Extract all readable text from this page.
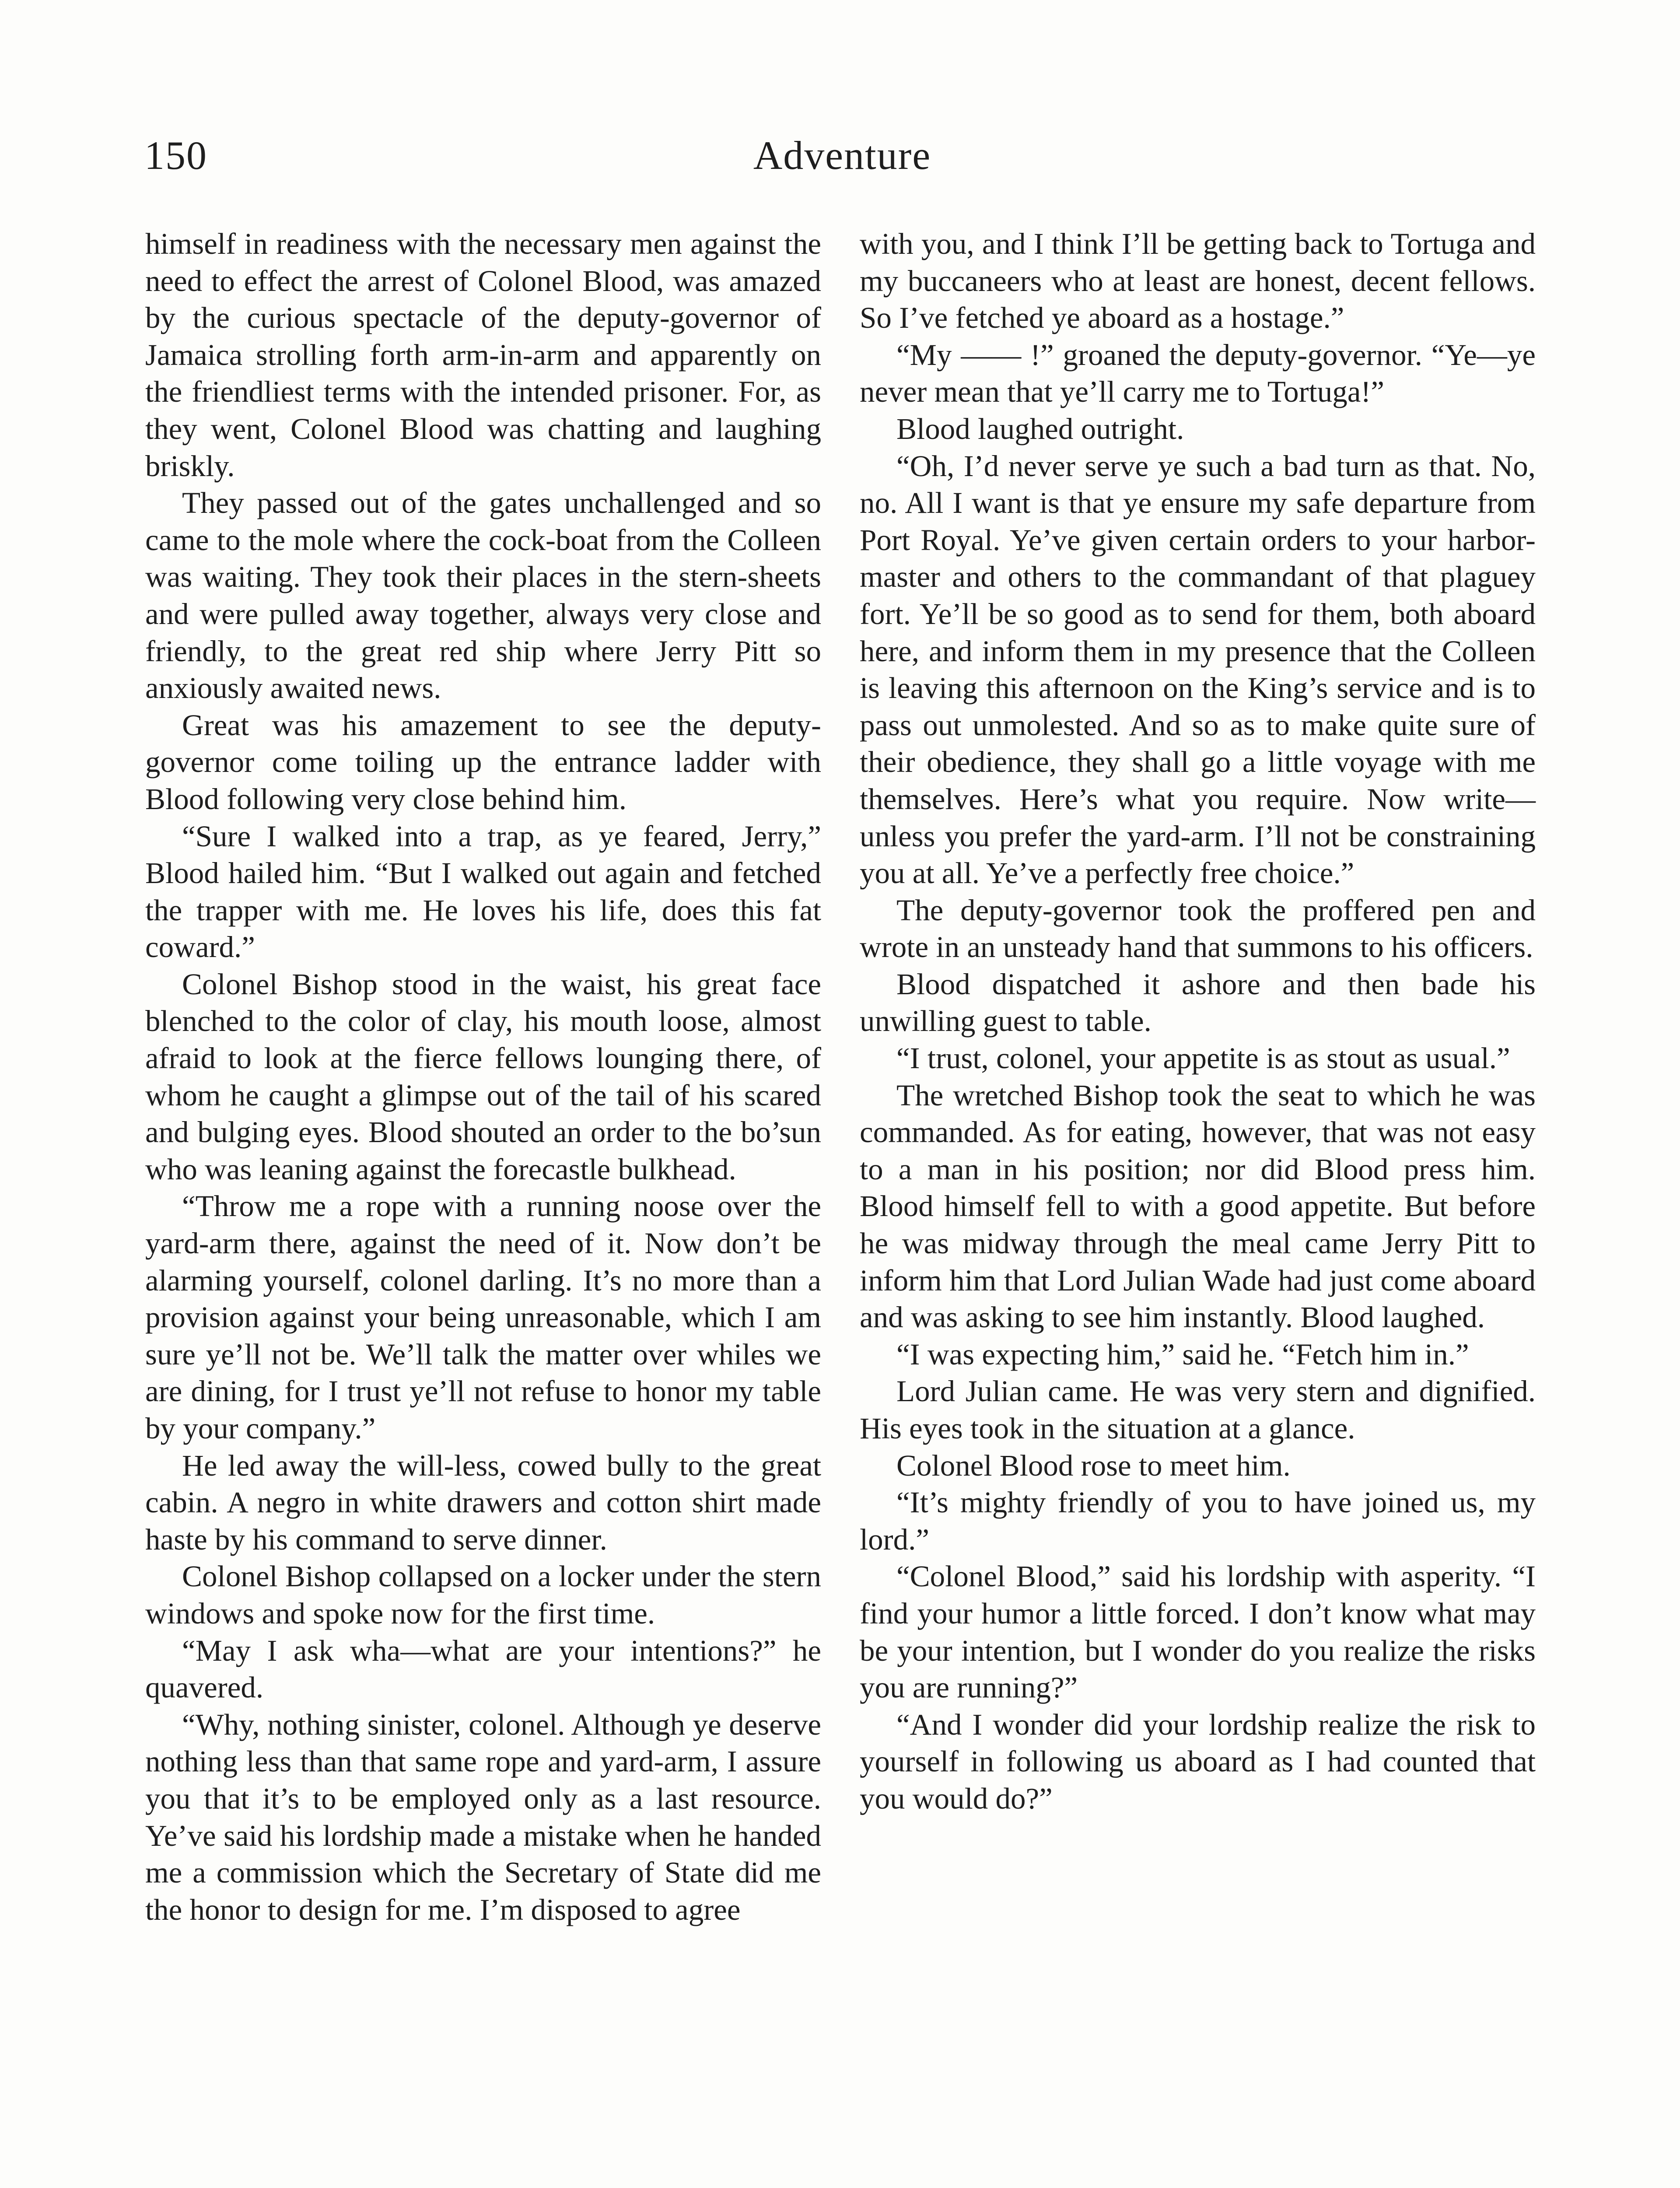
150	Adventure

himself in readiness with the necessary men against the need to effect the arrest of Colonel Blood, was amazed by the curious spectacle of the deputy-governor of Jamaica strolling forth arm-in-arm and apparently on the friendliest terms with the intended prisoner. For, as they went, Colonel Blood was chatting and laughing briskly.

They passed out of the gates unchallenged and so came to the mole where the cock-boat from the Colleen was waiting. They took their places in the stern-sheets and were pulled away together, always very close and friendly, to the great red ship where Jerry Pitt so anxiously awaited news.

Great was his amazement to see the deputy-governor come toiling up the entrance ladder with Blood following very close behind him.

“Sure I walked into a trap, as ye feared, Jerry,” Blood hailed him. “But I walked out again and fetched the trapper with me. He loves his life, does this fat coward.”

Colonel Bishop stood in the waist, his great face blenched to the color of clay, his mouth loose, almost afraid to look at the fierce fellows lounging there, of whom he caught a glimpse out of the tail of his scared and bulging eyes. Blood shouted an order to the bo’sun who was leaning against the forecastle bulkhead.

“Throw me a rope with a running noose over the yard-arm there, against the need of it. Now don’t be alarming yourself, colonel darling. It’s no more than a provision against your being unreasonable, which I am sure ye’ll not be. We’ll talk the matter over whiles we are dining, for I trust ye’ll not refuse to honor my table by your company.”

He led away the will-less, cowed bully to the great cabin. A negro in white drawers and cotton shirt made haste by his command to serve dinner.

Colonel Bishop collapsed on a locker under the stern windows and spoke now for the first time.

“May I ask wha—what are your intentions?” he quavered.

“Why, nothing sinister, colonel. Although ye deserve nothing less than that same rope and yard-arm, I assure you that it’s to be employed only as a last resource. Ye’ve said his lordship made a mistake when he handed me a commission which the Secretary of State did me the honor to design for me. I’m disposed to agree

with you, and I think I’ll be getting back to Tortuga and my buccaneers who at least are honest, decent fellows. So I’ve fetched ye aboard as a hostage.”

“My —— !” groaned the deputy-governor. “Ye—ye never mean that ye’ll carry me to Tortuga!”

Blood laughed outright.

“Oh, I’d never serve ye such a bad turn as that. No, no. All I want is that ye ensure my safe departure from Port Royal. Ye’ve given certain orders to your harbor-master and others to the commandant of that plaguey fort. Ye’ll be so good as to send for them, both aboard here, and inform them in my presence that the Colleen is leaving this afternoon on the King’s service and is to pass out unmolested. And so as to make quite sure of their obedience, they shall go a little voyage with me themselves. Here’s what you require. Now write—unless you prefer the yard-arm. I’ll not be constraining you at all. Ye’ve a perfectly free choice.”

The deputy-governor took the proffered pen and wrote in an unsteady hand that summons to his officers.

Blood dispatched it ashore and then bade his unwilling guest to table.

“I trust, colonel, your appetite is as stout as usual.”

The wretched Bishop took the seat to which he was commanded. As for eating, however, that was not easy to a man in his position; nor did Blood press him. Blood himself fell to with a good appetite. But before he was midway through the meal came Jerry Pitt to inform him that Lord Julian Wade had just come aboard and was asking to see him instantly. Blood laughed.

“I was expecting him,” said he. “Fetch him in.”

Lord Julian came. He was very stern and dignified. His eyes took in the situation at a glance.

Colonel Blood rose to meet him.

“It’s mighty friendly of you to have joined us, my lord.”

“Colonel Blood,” said his lordship with asperity. “I find your humor a little forced. I don’t know what may be your intention, but I wonder do you realize the risks you are running?”

“And I wonder did your lordship realize the risk to yourself in following us aboard as I had counted that you would do?”
